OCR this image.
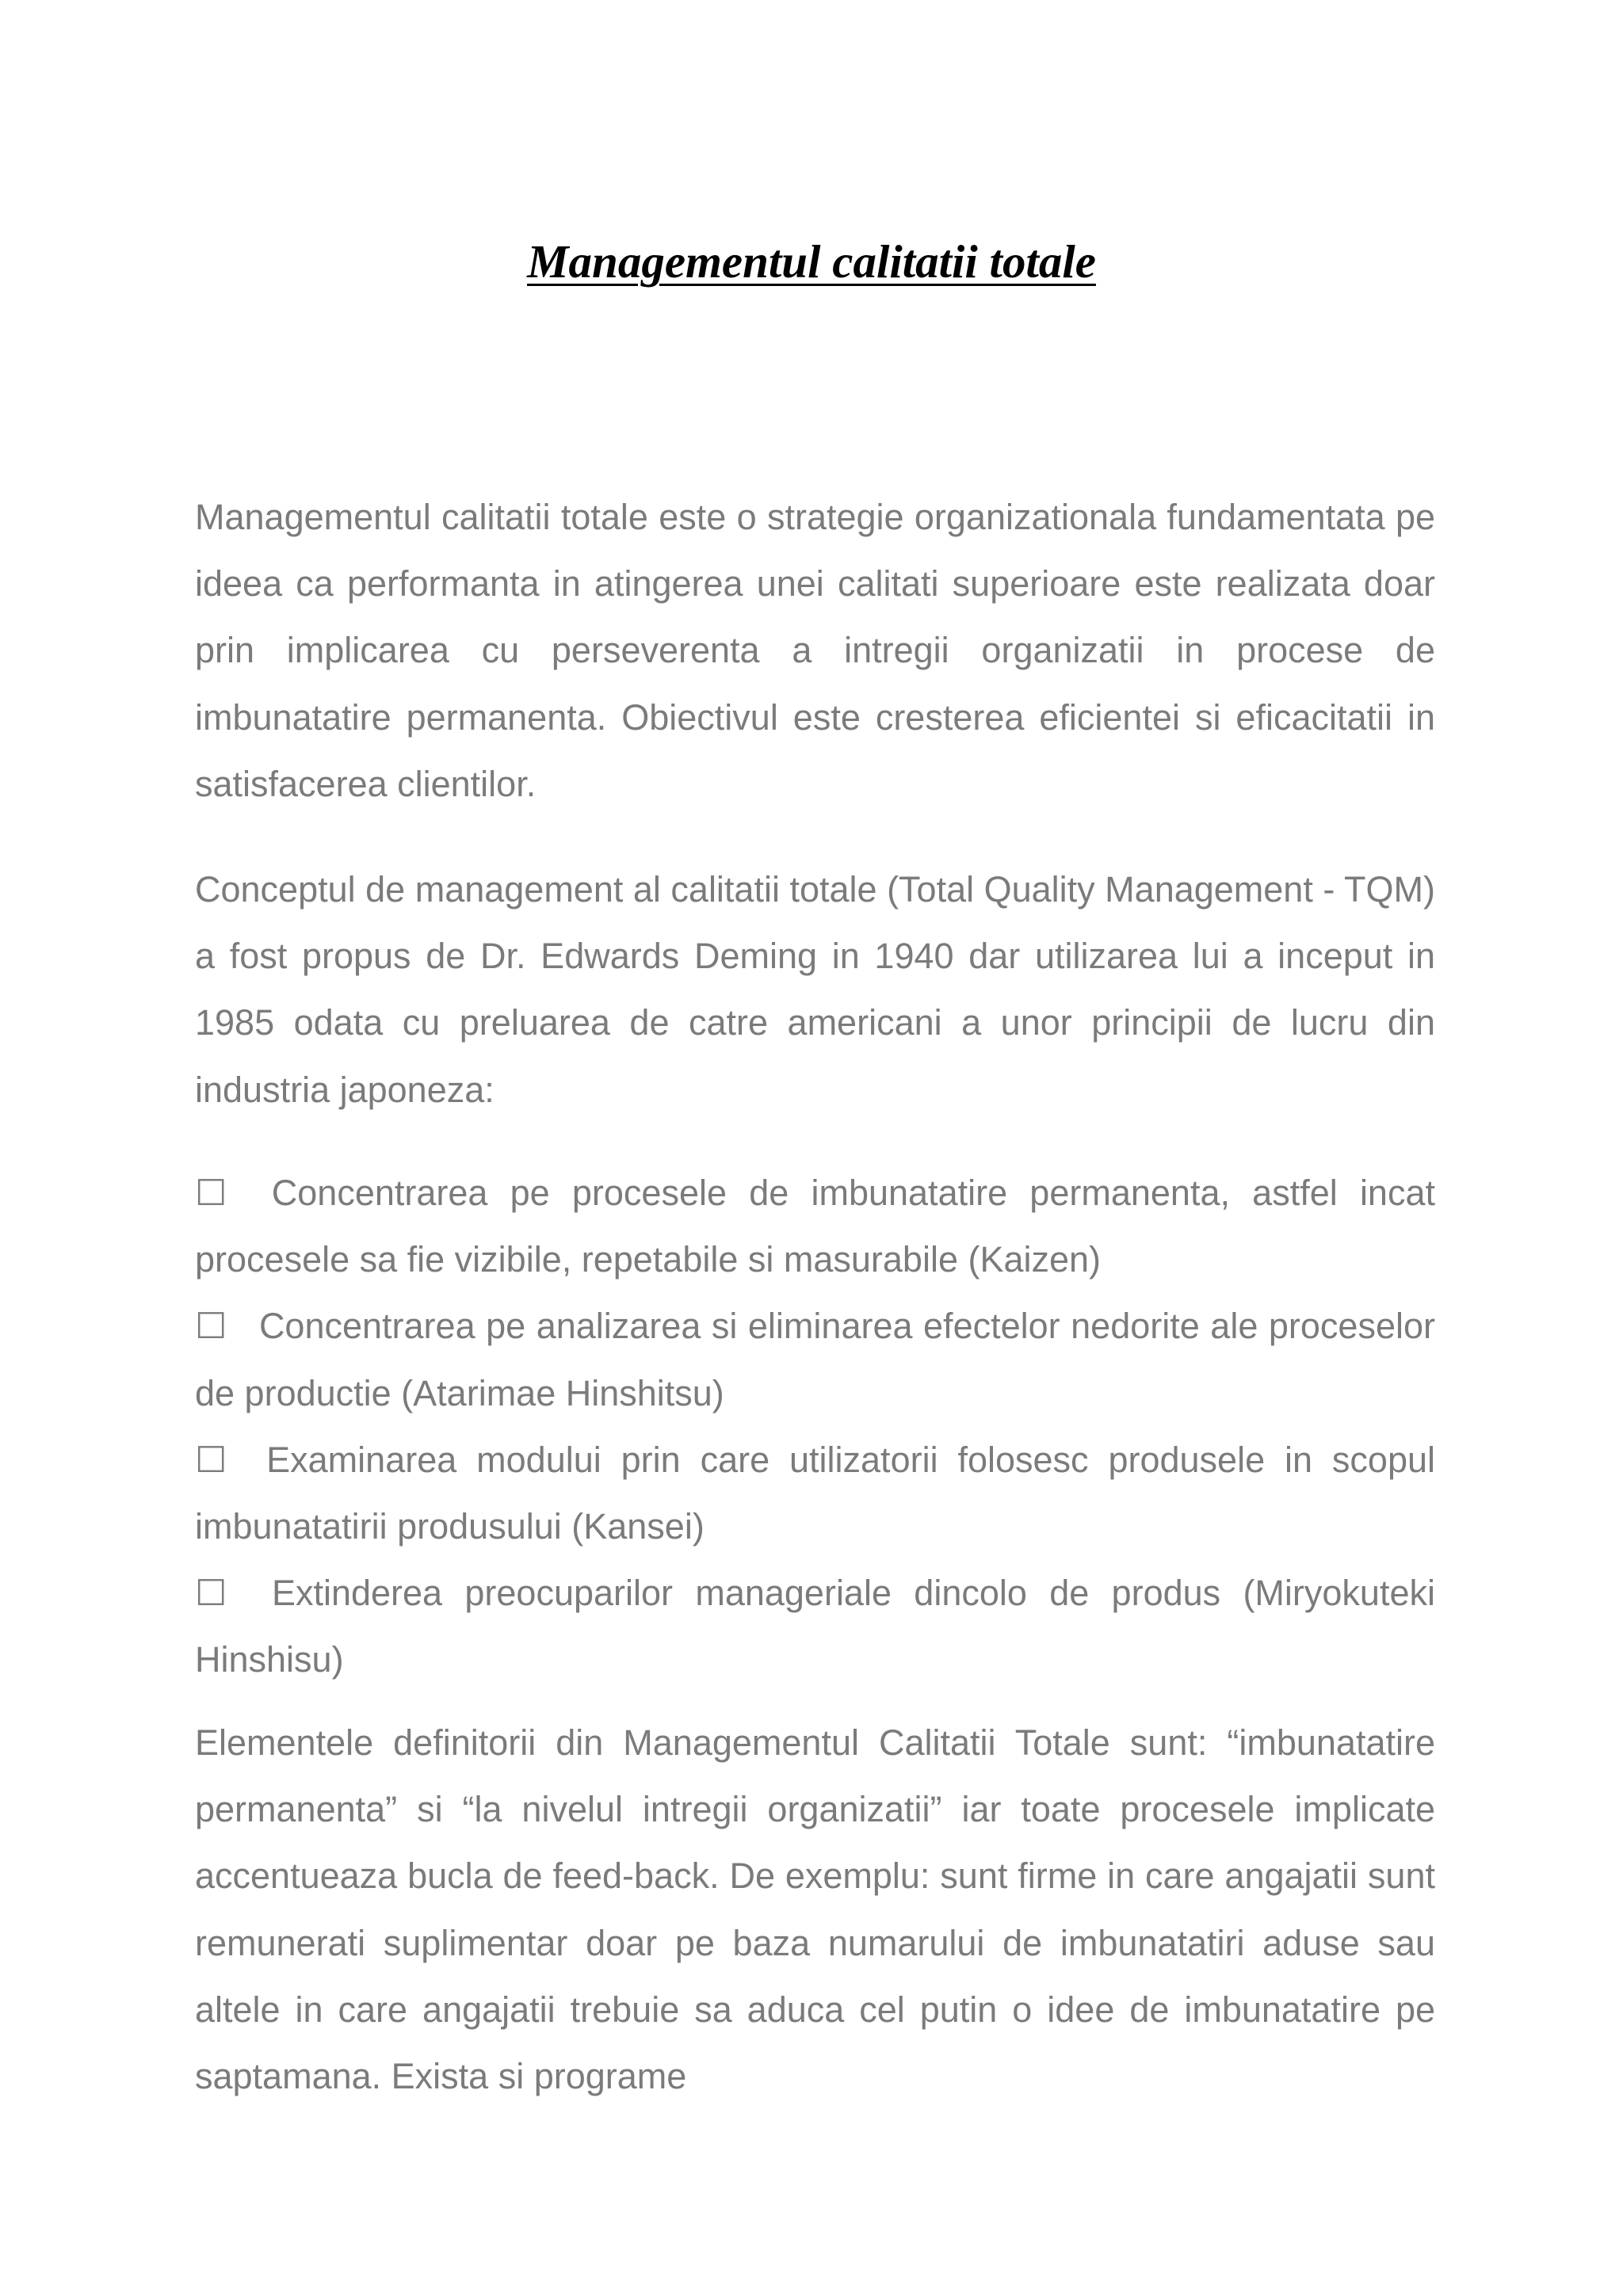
Managementul calitatii totale

Managementul calitatii totale este o strategie organizationala fundamentata pe ideea ca performanta in atingerea unei calitati superioare este realizata doar prin implicarea cu perseverenta a intregii organizatii in procese de imbunatatire permanenta. Obiectivul este cresterea eficientei si eficacitatii in satisfacerea clientilor.

Conceptul de management al calitatii totale (Total Quality Management - TQM) a fost propus de Dr. Edwards Deming in 1940 dar utilizarea lui a inceput in 1985 odata cu preluarea de catre americani a unor principii de lucru din industria japoneza:

☐ Concentrarea pe procesele de imbunatatire permanenta, astfel incat procesele sa fie vizibile, repetabile si masurabile (Kaizen)

☐ Concentrarea pe analizarea si eliminarea efectelor nedorite ale proceselor de productie (Atarimae Hinshitsu)

☐ Examinarea modului prin care utilizatorii folosesc produsele in scopul imbunatatirii produsului (Kansei)

☐ Extinderea preocuparilor manageriale dincolo de produs (Miryokuteki Hinshisu)

Elementele definitorii din Managementul Calitatii Totale sunt: “imbunatatire permanenta” si “la nivelul intregii organizatii” iar toate procesele implicate accentueaza bucla de feed-back. De exemplu: sunt firme in care angajatii sunt remunerati suplimentar doar pe baza numarului de imbunatatiri aduse sau altele in care angajatii trebuie sa aduca cel putin o idee de imbunatatire pe saptamana. Exista si programe
